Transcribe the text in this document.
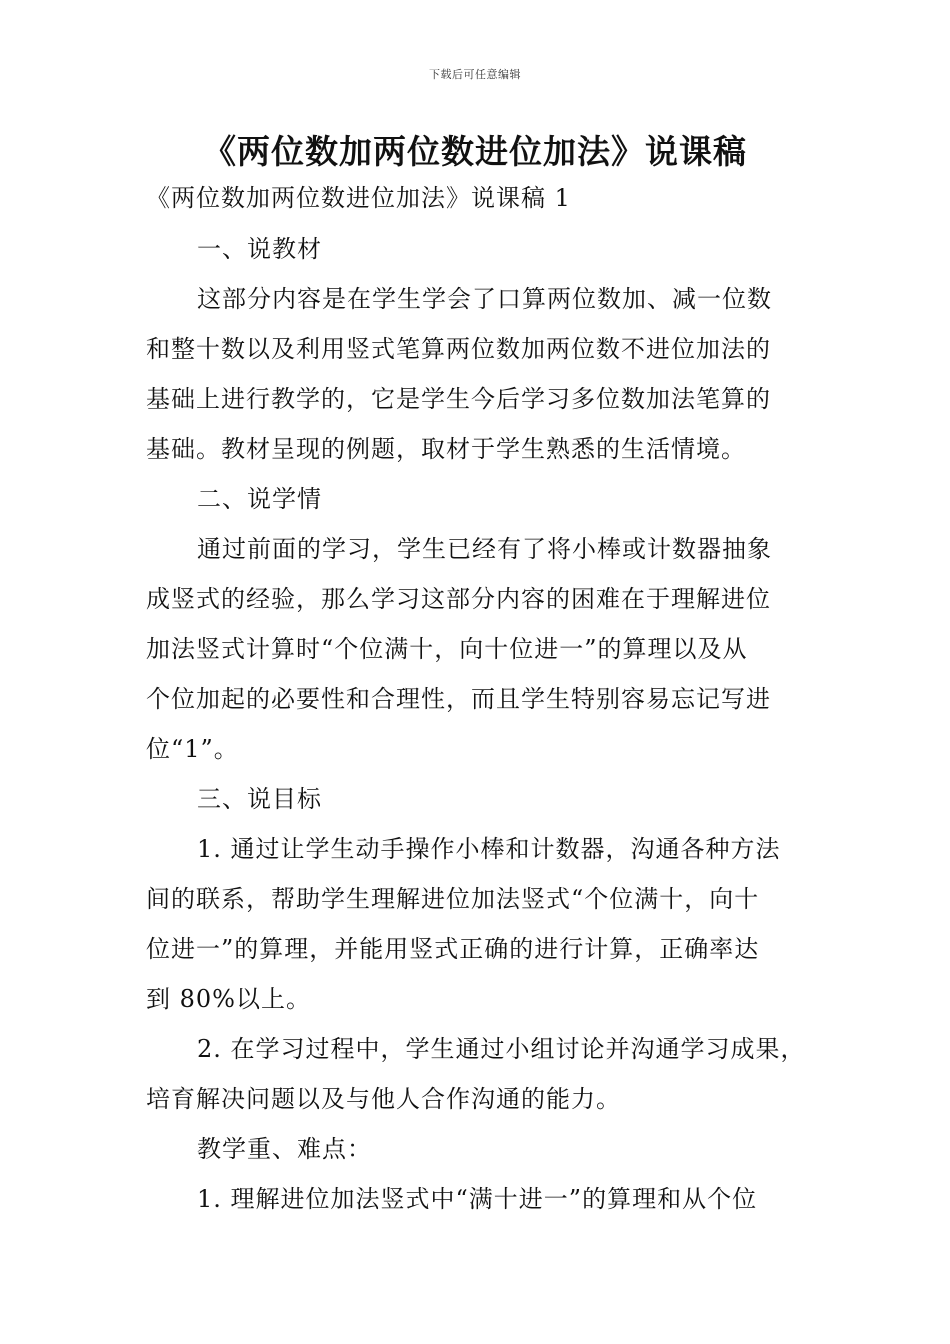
下载后可任意编辑
《两位数加两位数进位加法》说课稿
《两位数加两位数进位加法》说课稿 1
一、说教材
这部分内容是在学生学会了口算两位数加、减一位数
和整十数以及利用竖式笔算两位数加两位数不进位加法的
基础上进行教学的，它是学生今后学习多位数加法笔算的
基础。教材呈现的例题，取材于学生熟悉的生活情境。
二、说学情
通过前面的学习，学生已经有了将小棒或计数器抽象
成竖式的经验，那么学习这部分内容的困难在于理解进位
加法竖式计算时“个位满十，向十位进一”的算理以及从
个位加起的必要性和合理性，而且学生特别容易忘记写进
位“1”。
三、说目标
1. 通过让学生动手操作小棒和计数器，沟通各种方法
间的联系，帮助学生理解进位加法竖式“个位满十，向十
位进一”的算理，并能用竖式正确的进行计算，正确率达
到 80%以上。
2. 在学习过程中，学生通过小组讨论并沟通学习成果，
培育解决问题以及与他人合作沟通的能力。
教学重、难点：
1. 理解进位加法竖式中“满十进一”的算理和从个位
